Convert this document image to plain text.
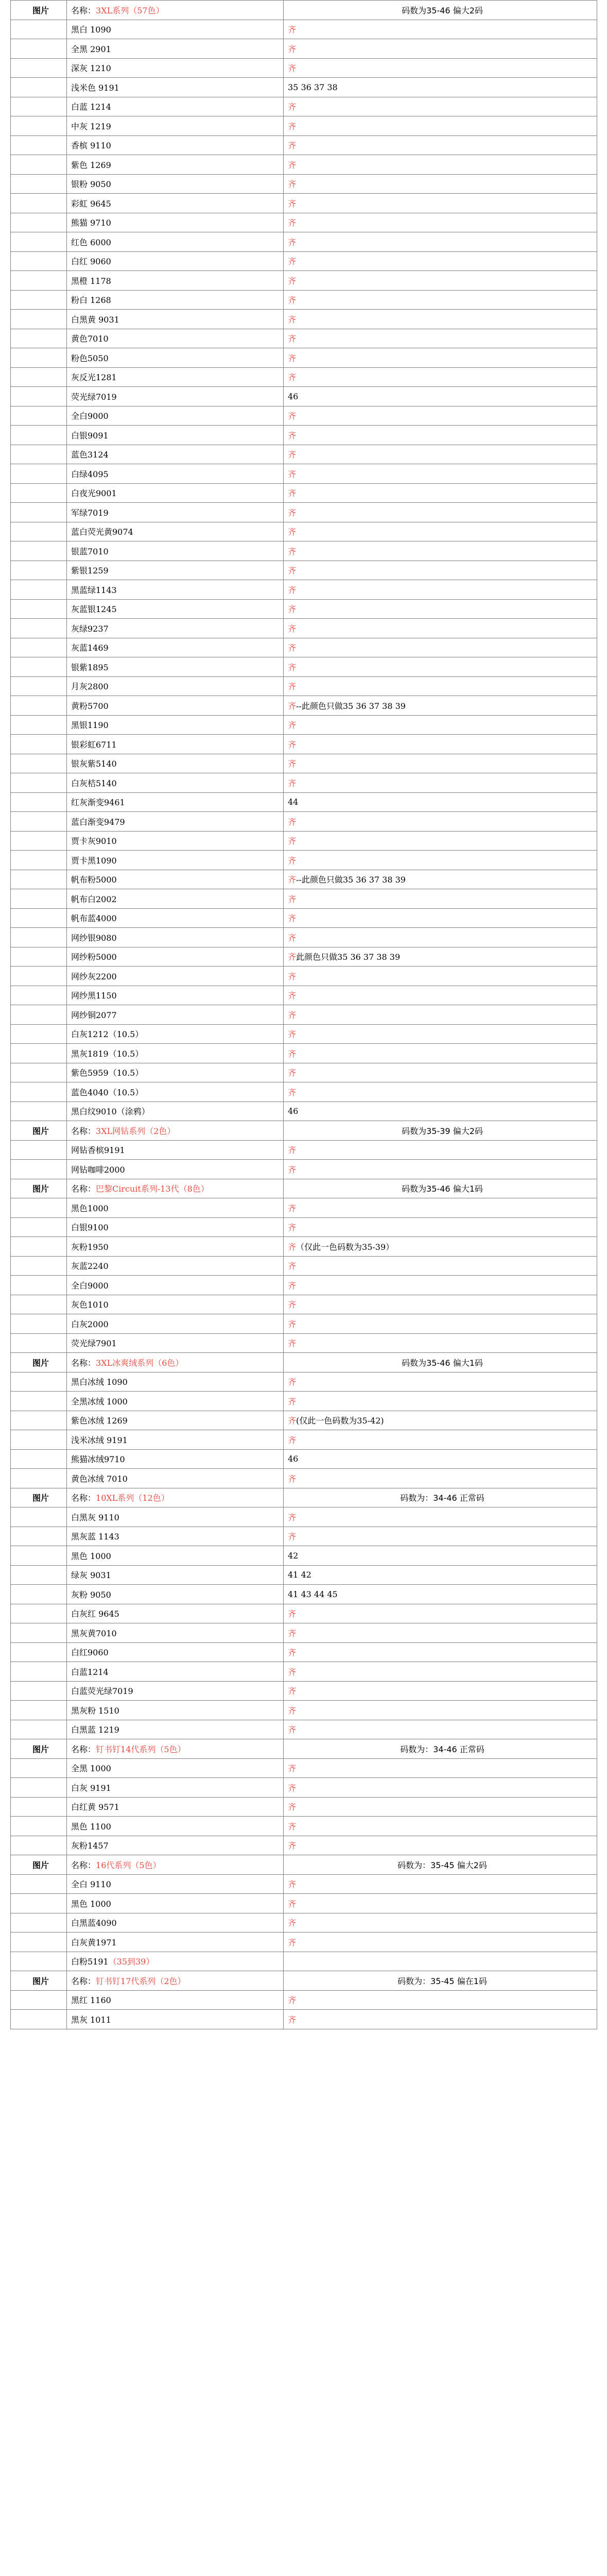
图片	名称：3XL系列（57色）	码数为35-46 偏大2码
	黑白 1090	齐
	全黑 2901	齐
	深灰 1210	齐
	浅米色 9191	35 36 37 38
	白蓝 1214	齐
	中灰 1219	齐
	香槟 9110	齐
	紫色 1269	齐
	银粉 9050	齐
	彩虹 9645	齐
	熊猫 9710	齐
	红色 6000	齐
	白红 9060	齐
	黑橙 1178	齐
	粉白 1268	齐
	白黑黄 9031	齐
	黄色7010	齐
	粉色5050	齐
	灰反光1281	齐
	荧光绿7019	46
	全白9000	齐
	白银9091	齐
	蓝色3124	齐
	白绿4095	齐
	白夜光9001	齐
	军绿7019	齐
	蓝白荧光黄9074	齐
	银蓝7010	齐
	紫银1259	齐
	黑蓝绿1143	齐
	灰蓝银1245	齐
	灰绿9237	齐
	灰蓝1469	齐
	银紫1895	齐
	月灰2800	齐
	黄粉5700	齐--此颜色只做35 36 37 38 39
	黑银1190	齐
	银彩虹6711	齐
	银灰紫5140	齐
	白灰桔5140	齐
	红灰渐变9461	44
	蓝白渐变9479	齐
	贾卡灰9010	齐
	贾卡黑1090	齐
	帆布粉5000	齐--此颜色只做35 36 37 38 39
	帆布白2002	齐
	帆布蓝4000	齐
	网纱银9080	齐
	网纱粉5000	齐此颜色只做35 36 37 38 39
	网纱灰2200	齐
	网纱黑1150	齐
	网纱铜2077	齐
	白灰1212（10.5）	齐
	黑灰1819（10.5）	齐
	紫色5959（10.5）	齐
	蓝色4040（10.5）	齐
	黑白纹9010（涂鸦）	46
图片	名称：3XL网钻系列（2色）	码数为35-39 偏大2码
	网钻香槟9191	齐
	网钻咖啡2000	齐
图片	名称：巴黎Circuit系列-13代（8色）	码数为35-46 偏大1码
	黑色1000	齐
	白银9100	齐
	灰粉1950	齐（仅此一色码数为35-39）
	灰蓝2240	齐
	全白9000	齐
	灰色1010	齐
	白灰2000	齐
	荧光绿7901	齐
图片	名称：3XL冰爽绒系列（6色）	码数为35-46 偏大1码
	黑白冰绒 1090	齐
	全黑冰绒 1000	齐
	紫色冰绒 1269	齐(仅此一色码数为35-42)
	浅米冰绒 9191	齐
	熊猫冰绒9710	46
	黄色冰绒 7010	齐
图片	名称：10XL系列（12色）	码数为：34-46 正常码
	白黑灰 9110	齐
	黑灰蓝 1143	齐
	黑色 1000	42
	绿灰 9031	41 42
	灰粉 9050	41 43 44 45
	白灰红 9645	齐
	黑灰黄7010	齐
	白红9060	齐
	白蓝1214	齐
	白蓝荧光绿7019	齐
	黑灰粉 1510	齐
	白黑蓝 1219	齐
图片	名称：钉书钉14代系列（5色）	码数为：34-46 正常码
	全黑 1000	齐
	白灰 9191	齐
	白红黄 9571	齐
	黑色 1100	齐
	灰粉1457	齐
图片	名称：16代系列（5色）	码数为：35-45 偏大2码
	全白 9110	齐
	黑色 1000	齐
	白黑蓝4090	齐
	白灰黄1971	齐
	白粉5191（35到39）	
图片	名称：钉书钉17代系列（2色）	码数为：35-45 偏在1码
	黑红 1160	齐
	黑灰 1011	齐
